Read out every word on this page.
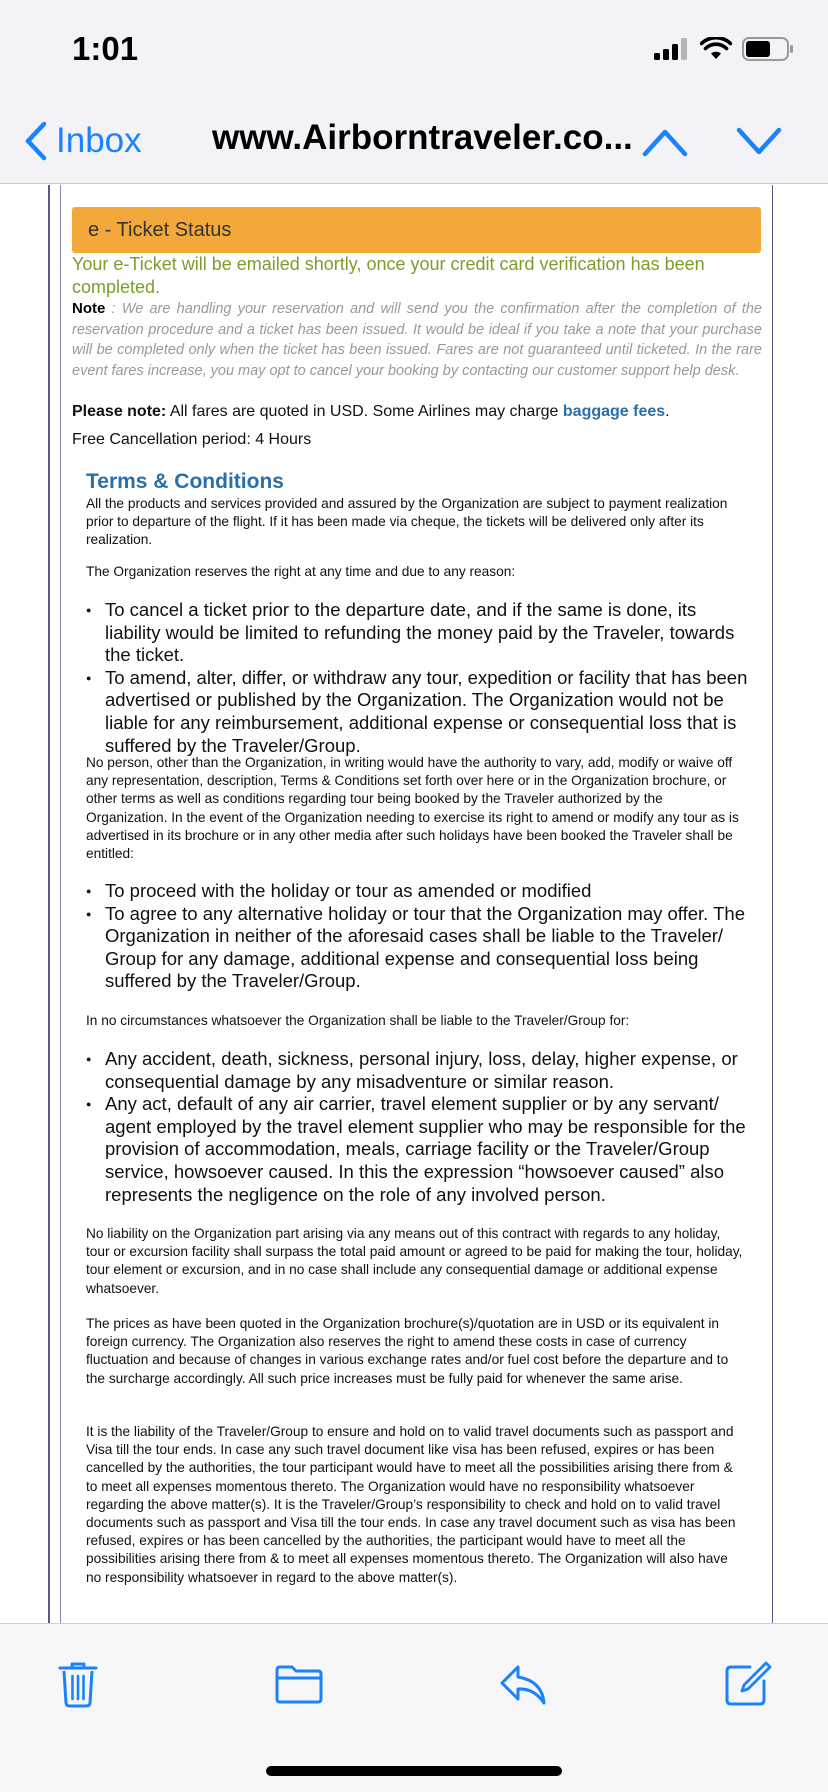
1:01
Inbox www.Airborntraveler.co...
e - Ticket Status
Your e-Ticket will be emailed shortly, once your credit card verification has been completed.
Note : We are handling your reservation and will send you the confirmation after the completion of the reservation procedure and a ticket has been issued. It would be ideal if you take a note that your purchase will be completed only when the ticket has been issued. Fares are not guaranteed until ticketed. In the rare event fares increase, you may opt to cancel your booking by contacting our customer support help desk.
Please note: All fares are quoted in USD. Some Airlines may charge baggage fees.
Free Cancellation period: 4 Hours
Terms & Conditions
All the products and services provided and assured by the Organization are subject to payment realization prior to departure of the flight. If it has been made via cheque, the tickets will be delivered only after its realization.
The Organization reserves the right at any time and due to any reason:
● To cancel a ticket prior to the departure date, and if the same is done, its liability would be limited to refunding the money paid by the Traveler, towards the ticket.
● To amend, alter, differ, or withdraw any tour, expedition or facility that has been advertised or published by the Organization. The Organization would not be liable for any reimbursement, additional expense or consequential loss that is suffered by the Traveler/Group.
No person, other than the Organization, in writing would have the authority to vary, add, modify or waive off any representation, description, Terms & Conditions set forth over here or in the Organization brochure, or other terms as well as conditions regarding tour being booked by the Traveler authorized by the Organization. In the event of the Organization needing to exercise its right to amend or modify any tour as is advertised in its brochure or in any other media after such holidays have been booked the Traveler shall be entitled:
● To proceed with the holiday or tour as amended or modified
● To agree to any alternative holiday or tour that the Organization may offer. The Organization in neither of the aforesaid cases shall be liable to the Traveler/ Group for any damage, additional expense and consequential loss being suffered by the Traveler/Group.
In no circumstances whatsoever the Organization shall be liable to the Traveler/Group for:
● Any accident, death, sickness, personal injury, loss, delay, higher expense, or consequential damage by any misadventure or similar reason.
● Any act, default of any air carrier, travel element supplier or by any servant/ agent employed by the travel element supplier who may be responsible for the provision of accommodation, meals, carriage facility or the Traveler/Group service, howsoever caused. In this the expression “howsoever caused” also represents the negligence on the role of any involved person.
No liability on the Organization part arising via any means out of this contract with regards to any holiday, tour or excursion facility shall surpass the total paid amount or agreed to be paid for making the tour, holiday, tour element or excursion, and in no case shall include any consequential damage or additional expense whatsoever.
The prices as have been quoted in the Organization brochure(s)/quotation are in USD or its equivalent in foreign currency. The Organization also reserves the right to amend these costs in case of currency fluctuation and because of changes in various exchange rates and/or fuel cost before the departure and to the surcharge accordingly. All such price increases must be fully paid for whenever the same arise.
It is the liability of the Traveler/Group to ensure and hold on to valid travel documents such as passport and Visa till the tour ends. In case any such travel document like visa has been refused, expires or has been cancelled by the authorities, the tour participant would have to meet all the possibilities arising there from & to meet all expenses momentous thereto. The Organization would have no responsibility whatsoever regarding the above matter(s). It is the Traveler/Group’s responsibility to check and hold on to valid travel documents such as passport and Visa till the tour ends. In case any travel document such as visa has been refused, expires or has been cancelled by the authorities, the participant would have to meet all the possibilities arising there from & to meet all expenses momentous thereto. The Organization will also have no responsibility whatsoever in regard to the above matter(s).
